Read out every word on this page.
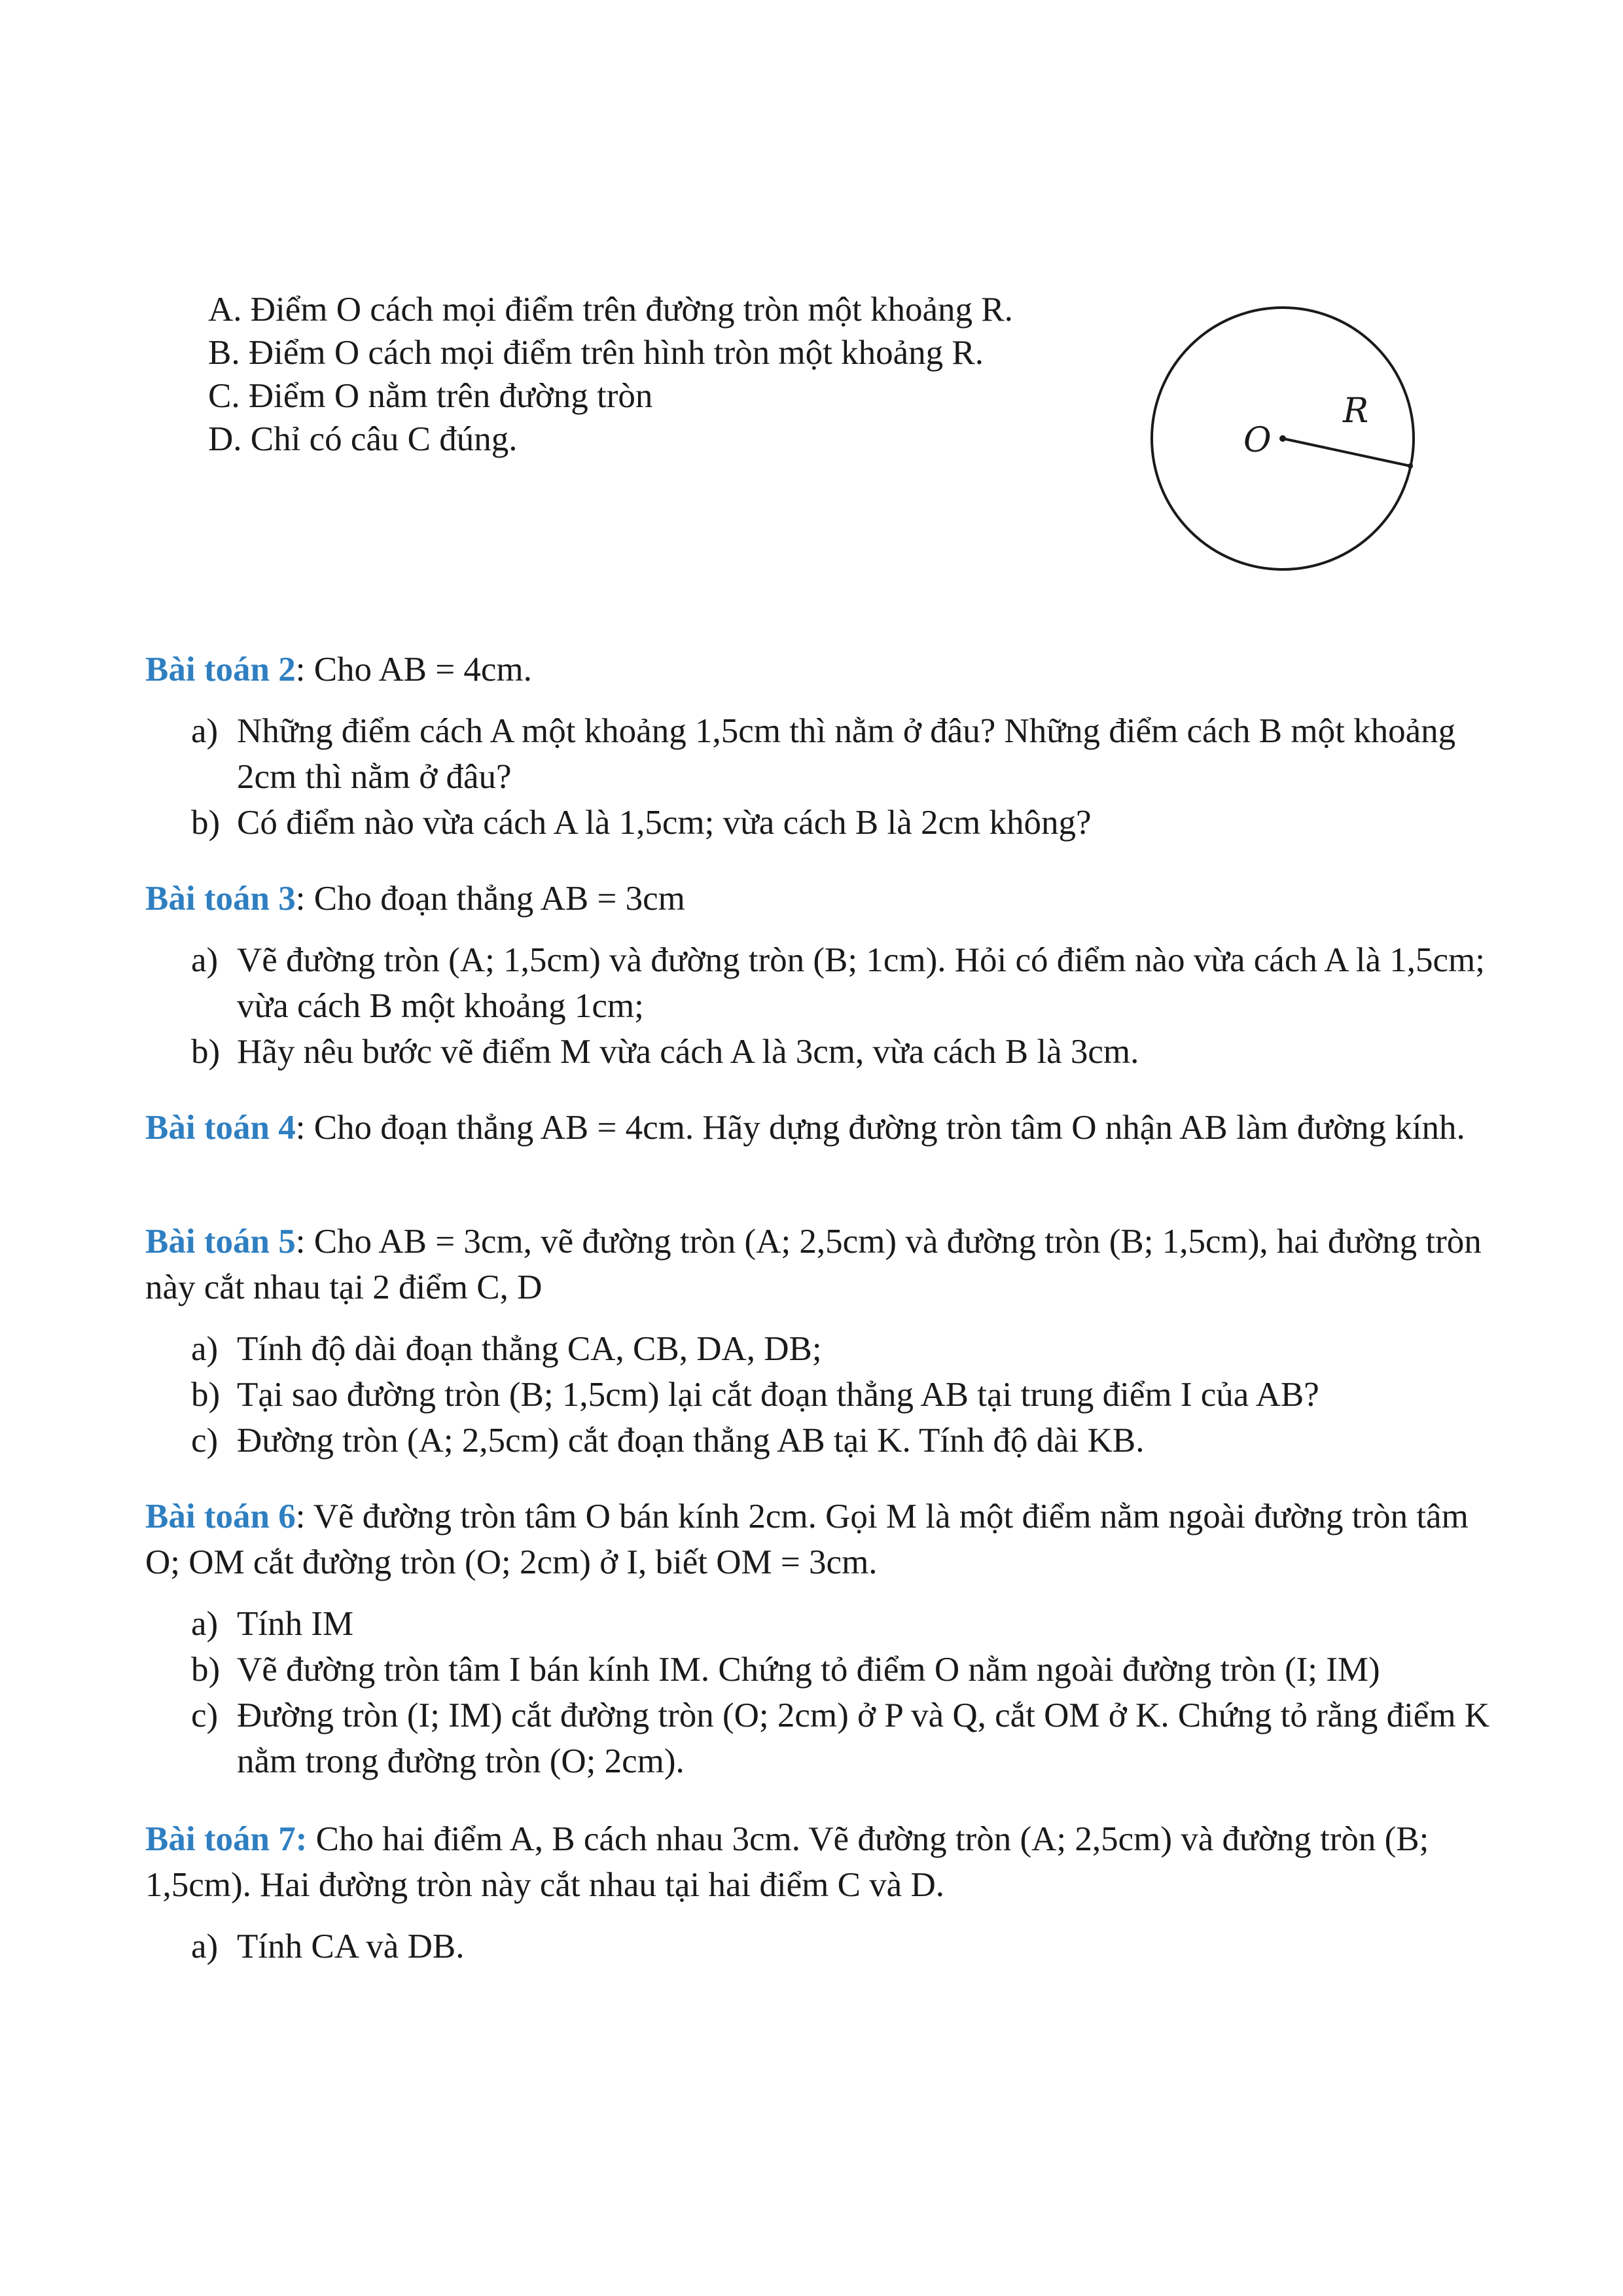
A. Điểm O cách mọi điểm trên đường tròn một khoảng R.
B. Điểm O cách mọi điểm trên hình tròn một khoảng R.
C. Điểm O nằm trên đường tròn
D. Chỉ có câu C đúng.	O
R

Bài toán 2: Cho AB = 4cm.

a) Những điểm cách A một khoảng 1,5cm thì nằm ở đâu? Những điểm cách B một khoảng 2cm thì nằm ở đâu?
b) Có điểm nào vừa cách A là 1,5cm; vừa cách B là 2cm không?

Bài toán 3: Cho đoạn thẳng AB = 3cm

a) Vẽ đường tròn (A; 1,5cm) và đường tròn (B; 1cm). Hỏi có điểm nào vừa cách A là 1,5cm; vừa cách B một khoảng 1cm;
b) Hãy nêu bước vẽ điểm M vừa cách A là 3cm, vừa cách B là 3cm.

Bài toán 4: Cho đoạn thẳng AB = 4cm. Hãy dựng đường tròn tâm O nhận AB làm đường kính.

Bài toán 5: Cho AB = 3cm, vẽ đường tròn (A; 2,5cm) và đường tròn (B; 1,5cm), hai đường tròn này cắt nhau tại 2 điểm C, D

a) Tính độ dài đoạn thẳng CA, CB, DA, DB;
b) Tại sao đường tròn (B; 1,5cm) lại cắt đoạn thẳng AB tại trung điểm I của AB?
c) Đường tròn (A; 2,5cm) cắt đoạn thẳng AB tại K. Tính độ dài KB.

Bài toán 6: Vẽ đường tròn tâm O bán kính 2cm. Gọi M là một điểm nằm ngoài đường tròn tâm O; OM cắt đường tròn (O; 2cm) ở I, biết OM = 3cm.

a) Tính IM
b) Vẽ đường tròn tâm I bán kính IM. Chứng tỏ điểm O nằm ngoài đường tròn (I; IM)
c) Đường tròn (I; IM) cắt đường tròn (O; 2cm) ở P và Q, cắt OM ở K. Chứng tỏ rằng điểm K nằm trong đường tròn (O; 2cm).

Bài toán 7: Cho hai điểm A, B cách nhau 3cm. Vẽ đường tròn (A; 2,5cm) và đường tròn (B; 1,5cm). Hai đường tròn này cắt nhau tại hai điểm C và D.

a) Tính CA và DB.
